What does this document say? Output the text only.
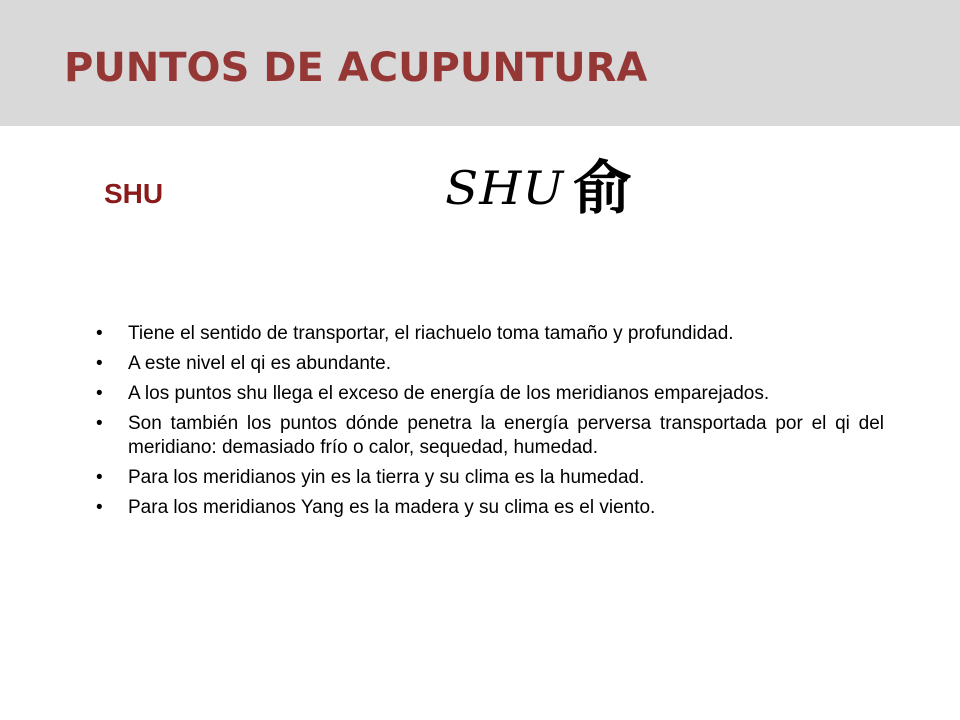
PUNTOS DE ACUPUNTURA
SHU	SHU 俞
• Tiene el sentido de transportar, el riachuelo toma tamaño y profundidad.
• A este nivel el qi es abundante.
• A los puntos shu llega el exceso de energía de los meridianos emparejados.
• Son también los puntos dónde penetra la energía perversa transportada por el qi del meridiano: demasiado frío o calor, sequedad, humedad.
• Para los meridianos yin es la tierra y su clima es la humedad.
• Para los meridianos Yang es la madera y su clima es el viento.
